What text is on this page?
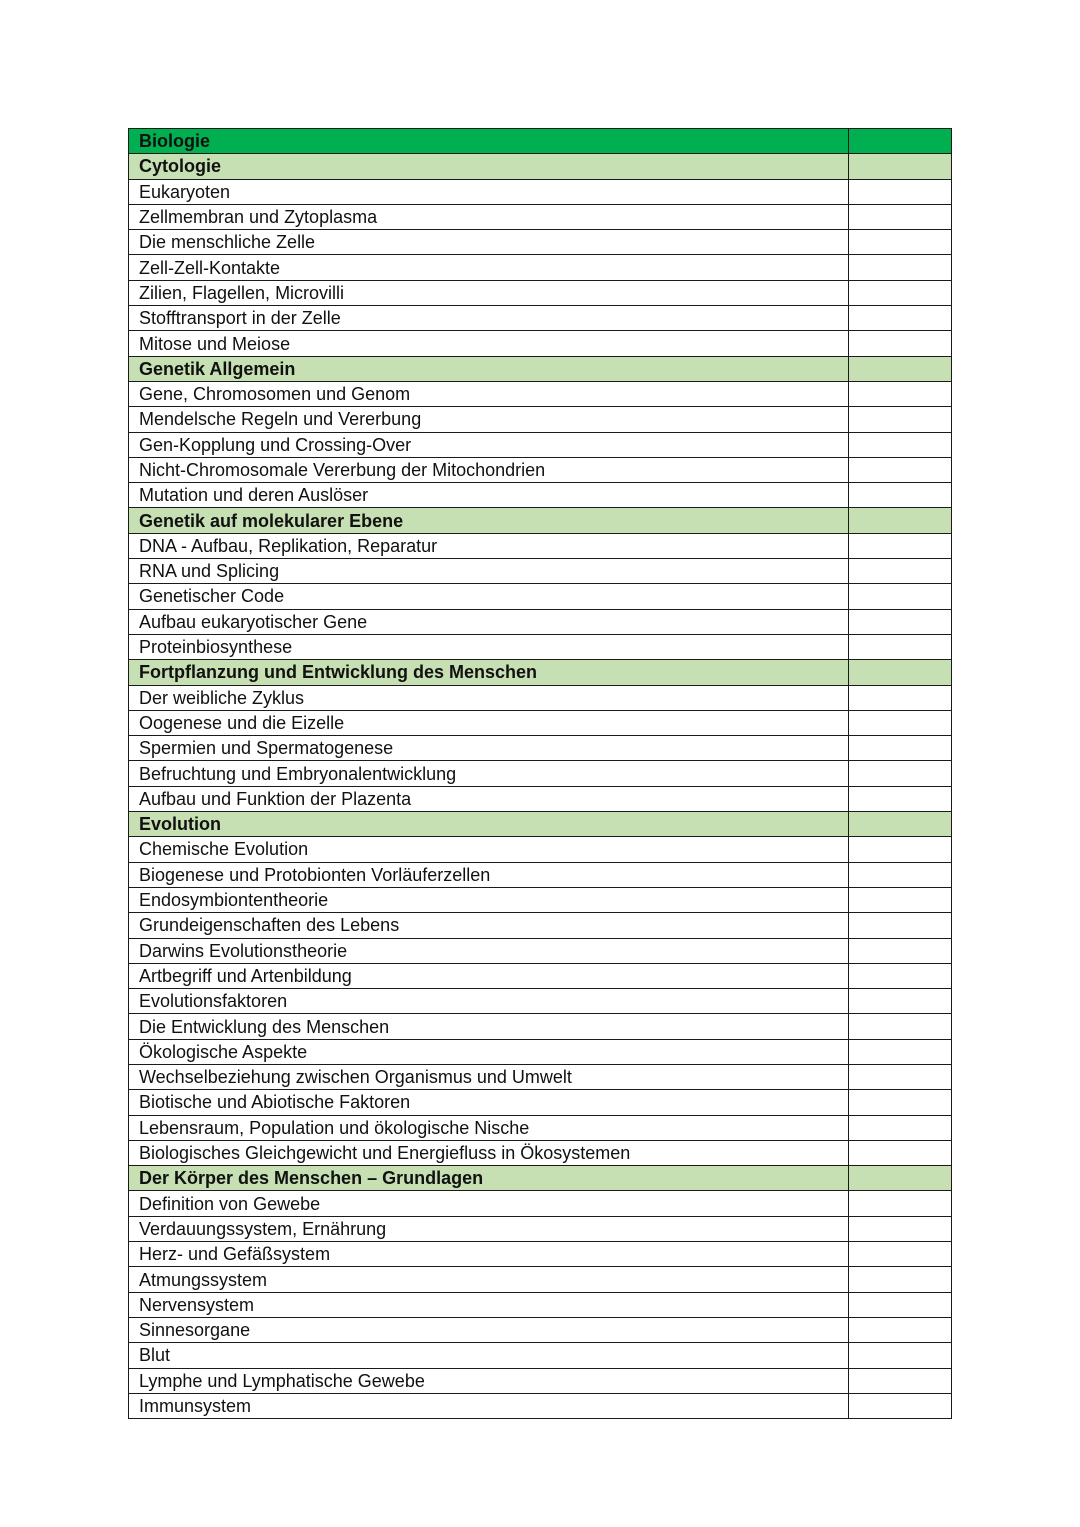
Biologie	
Cytologie	
Eukaryoten	
Zellmembran und Zytoplasma	
Die menschliche Zelle	
Zell-Zell-Kontakte	
Zilien, Flagellen, Microvilli	
Stofftransport in der Zelle	
Mitose und Meiose	
Genetik Allgemein	
Gene, Chromosomen und Genom	
Mendelsche Regeln und Vererbung	
Gen-Kopplung und Crossing-Over	
Nicht-Chromosomale Vererbung der Mitochondrien	
Mutation und deren Auslöser	
Genetik auf molekularer Ebene	
DNA - Aufbau, Replikation, Reparatur	
RNA und Splicing	
Genetischer Code	
Aufbau eukaryotischer Gene	
Proteinbiosynthese	
Fortpflanzung und Entwicklung des Menschen	
Der weibliche Zyklus	
Oogenese und die Eizelle	
Spermien und Spermatogenese	
Befruchtung und Embryonalentwicklung	
Aufbau und Funktion der Plazenta	
Evolution	
Chemische Evolution	
Biogenese und Protobionten Vorläuferzellen	
Endosymbiontentheorie	
Grundeigenschaften des Lebens	
Darwins Evolutionstheorie	
Artbegriff und Artenbildung	
Evolutionsfaktoren	
Die Entwicklung des Menschen	
Ökologische Aspekte	
Wechselbeziehung zwischen Organismus und Umwelt	
Biotische und Abiotische Faktoren	
Lebensraum, Population und ökologische Nische	
Biologisches Gleichgewicht und Energiefluss in Ökosystemen	
Der Körper des Menschen – Grundlagen	
Definition von Gewebe	
Verdauungssystem, Ernährung	
Herz- und Gefäßsystem	
Atmungssystem	
Nervensystem	
Sinnesorgane	
Blut	
Lymphe und Lymphatische Gewebe	
Immunsystem	
